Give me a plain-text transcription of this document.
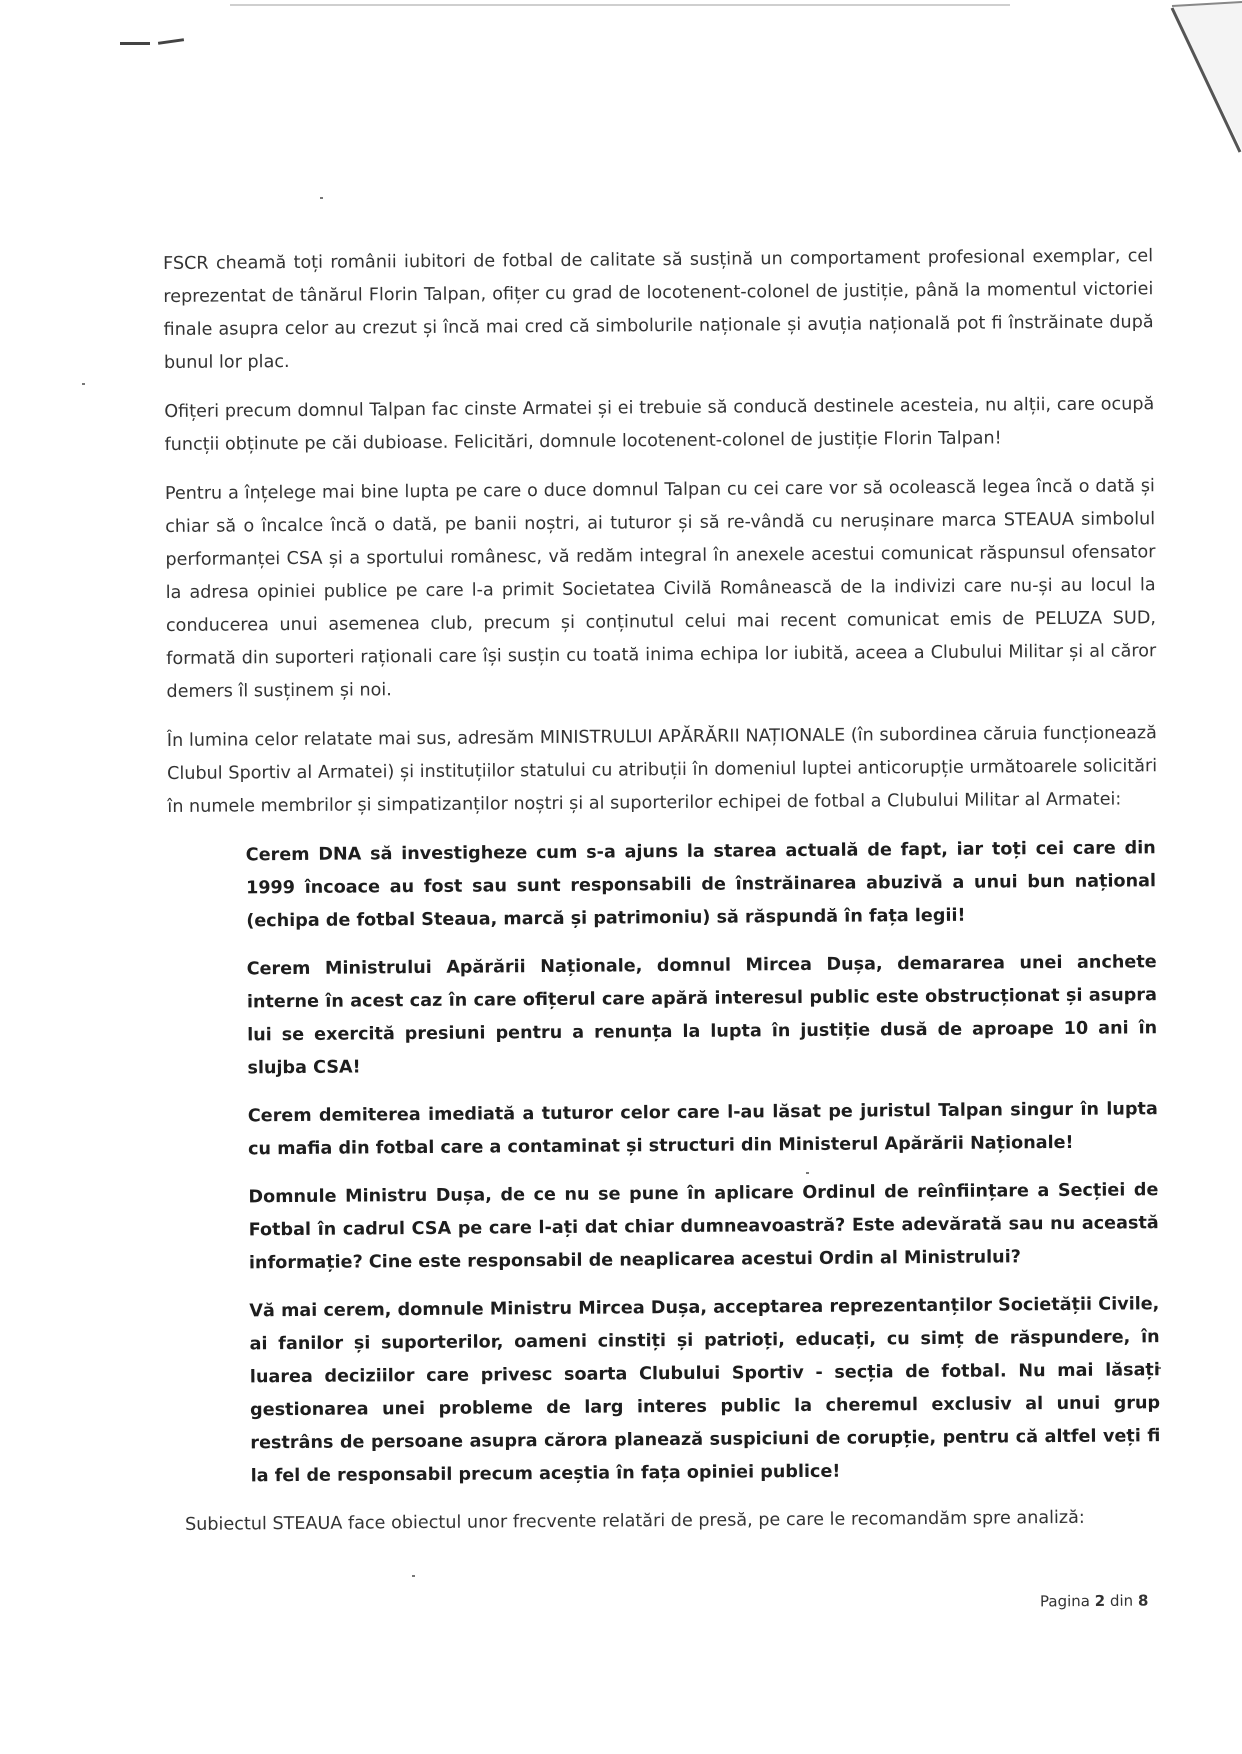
FSCR cheamă toți românii iubitori de fotbal de calitate să susțină un comportament profesional exemplar, cel reprezentat de tânărul Florin Talpan, ofițer cu grad de locotenent-colonel de justiție, până la momentul victoriei finale asupra celor au crezut și încă mai cred că simbolurile naționale și avuția națională pot fi înstrăinate după bunul lor plac.

Ofițeri precum domnul Talpan fac cinste Armatei și ei trebuie să conducă destinele acesteia, nu alții, care ocupă funcții obținute pe căi dubioase. Felicitări, domnule locotenent-colonel de justiție Florin Talpan!

Pentru a înțelege mai bine lupta pe care o duce domnul Talpan cu cei care vor să ocolească legea încă o dată și chiar să o încalce încă o dată, pe banii noștri, ai tuturor și să re-vândă cu nerușinare marca STEAUA simbolul performanței CSA și a sportului românesc, vă redăm integral în anexele acestui comunicat răspunsul ofensator la adresa opiniei publice pe care l-a primit Societatea Civilă Românească de la indivizi care nu-și au locul la conducerea unui asemenea club, precum și conținutul celui mai recent comunicat emis de PELUZA SUD, formată din suporteri raționali care își susțin cu toată inima echipa lor iubită, aceea a Clubului Militar și al căror demers îl susținem și noi.

În lumina celor relatate mai sus, adresăm MINISTRULUI APĂRĂRII NAȚIONALE (în subordinea căruia funcționează Clubul Sportiv al Armatei) și instituțiilor statului cu atribuții în domeniul luptei anticorupție următoarele solicitări în numele membrilor și simpatizanților noștri și al suporterilor echipei de fotbal a Clubului Militar al Armatei:

Cerem DNA să investigheze cum s-a ajuns la starea actuală de fapt, iar toți cei care din 1999 încoace au fost sau sunt responsabili de înstrăinarea abuzivă a unui bun național (echipa de fotbal Steaua, marcă și patrimoniu) să răspundă în fața legii!

Cerem Ministrului Apărării Naționale, domnul Mircea Dușa, demararea unei anchete interne în acest caz în care ofițerul care apără interesul public este obstrucționat și asupra lui se exercită presiuni pentru a renunța la lupta în justiție dusă de aproape 10 ani în slujba CSA!

Cerem demiterea imediată a tuturor celor care l-au lăsat pe juristul Talpan singur în lupta cu mafia din fotbal care a contaminat și structuri din Ministerul Apărării Naționale!

Domnule Ministru Dușa, de ce nu se pune în aplicare Ordinul de reînființare a Secției de Fotbal în cadrul CSA pe care l-ați dat chiar dumneavoastră? Este adevărată sau nu această informație? Cine este responsabil de neaplicarea acestui Ordin al Ministrului?

Vă mai cerem, domnule Ministru Mircea Dușa, acceptarea reprezentanților Societății Civile, ai fanilor și suporterilor, oameni cinstiți și patrioți, educați, cu simț de răspundere, în luarea deciziilor care privesc soarta Clubului Sportiv - secția de fotbal. Nu mai lăsați gestionarea unei probleme de larg interes public la cheremul exclusiv al unui grup restrâns de persoane asupra cărora planează suspiciuni de corupție, pentru că altfel veți fi la fel de responsabil precum aceștia în fața opiniei publice!

Subiectul STEAUA face obiectul unor frecvente relatări de presă, pe care le recomandăm spre analiză:

Pagina 2 din 8
